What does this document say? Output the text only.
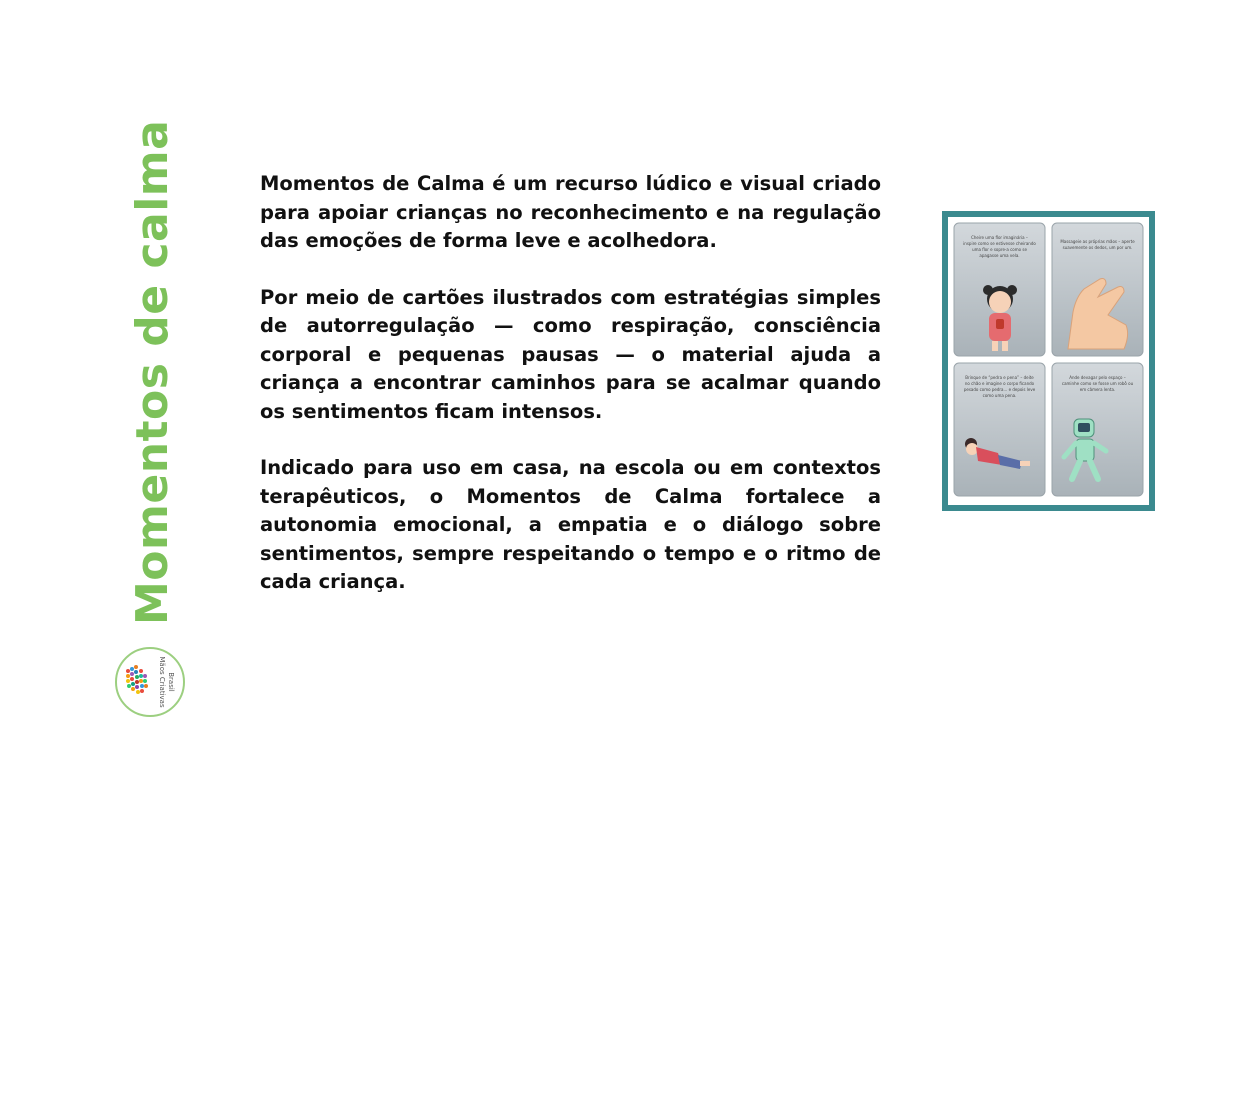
Momentos de calma
Mãos Criativas Brasil

Momentos de Calma é um recurso lúdico e visual criado para apoiar crianças no reconhecimento e na regulação das emoções de forma leve e acolhedora.

Por meio de cartões ilustrados com estratégias simples de autorregulação — como respiração, consciência corporal e pequenas pausas — o material ajuda a criança a encontrar caminhos para se acalmar quando os sentimentos ficam intensos.

Indicado para uso em casa, na escola ou em contextos terapêuticos, o Momentos de Calma fortalece a autonomia emocional, a empatia e o diálogo sobre sentimentos, sempre respeitando o tempo e o ritmo de cada criança.

Cheire uma flor imaginária –
inspire como se estivesse cheirando
uma flor e sopre-a como se
apagasse uma vela.
Massageie as próprias mãos – aperte
suavemente os dedos, um por um.
Brinque de “pedra e pena” – deite
no chão e imagine o corpo ficando
pesado como pedra... e depois leve
como uma pena.
Ande devagar pelo espaço –
caminhe como se fosse um robô ou
em câmera lenta.
